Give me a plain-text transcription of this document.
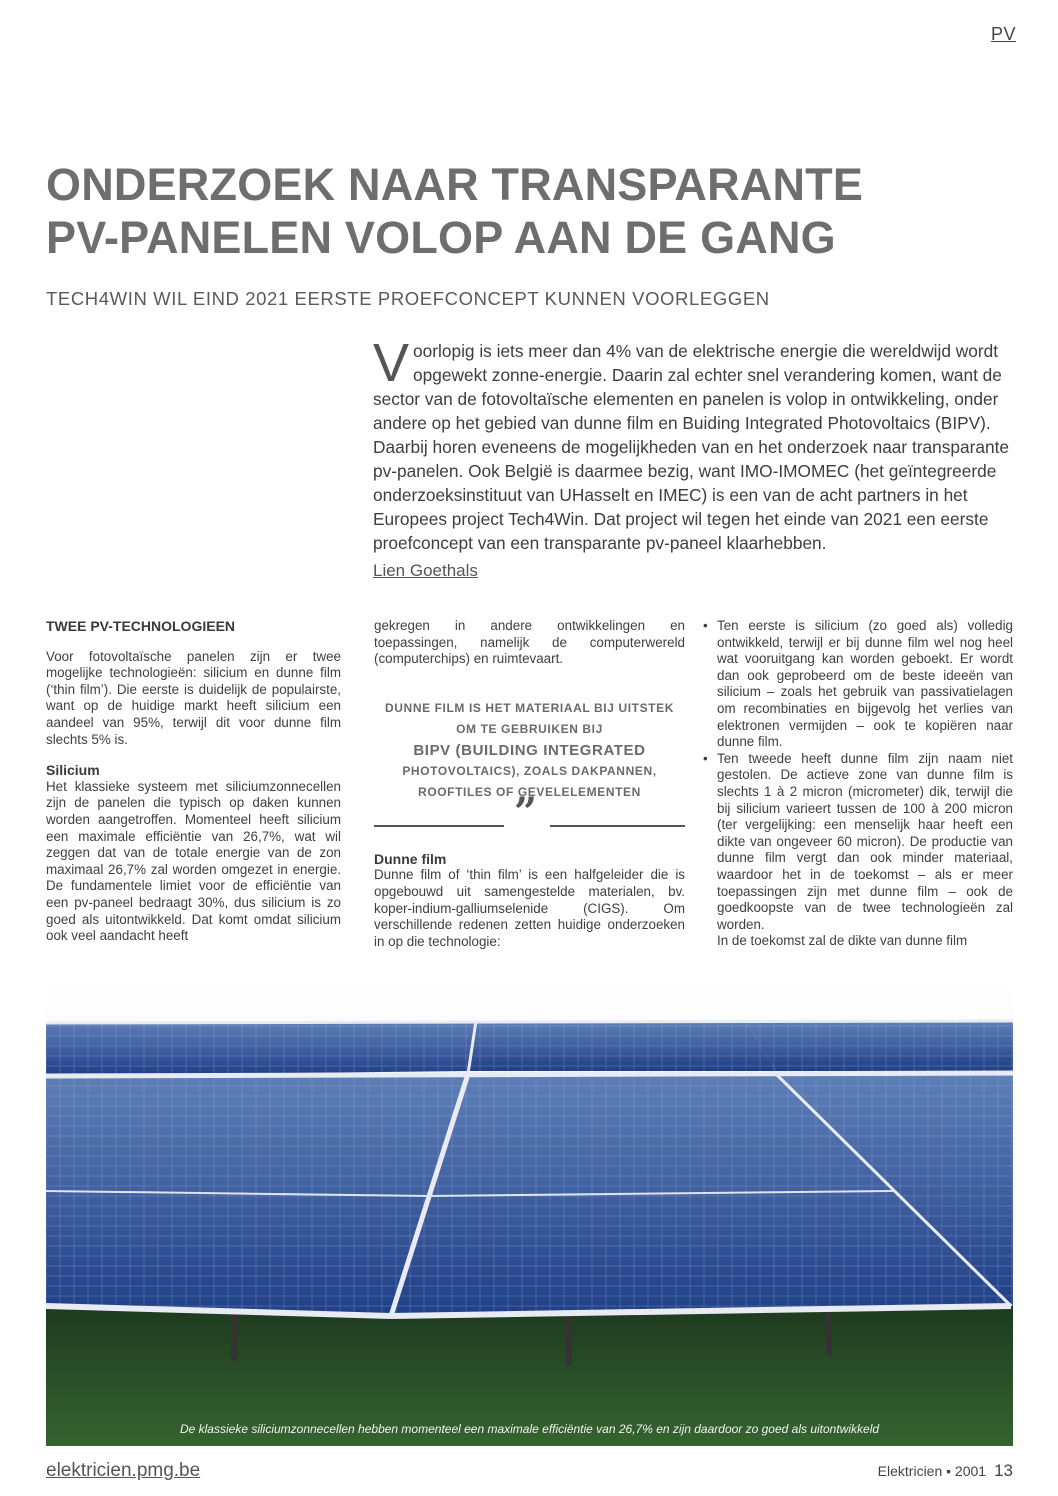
PV
ONDERZOEK NAAR TRANSPARANTE
PV-PANELEN VOLOP AAN DE GANG
TECH4WIN WIL EIND 2021 EERSTE PROEFCONCEPT KUNNEN VOORLEGGEN
V oorlopig is iets meer dan 4% van de elektrische energie die wereldwijd wordt opgewekt zonne-energie. Daarin zal echter snel verandering komen, want de sector van de fotovoltaïsche elementen en panelen is volop in ontwikkeling, onder andere op het gebied van dunne film en Buiding Integrated Photovoltaics (BIPV). Daarbij horen eveneens de mogelijkheden van en het onderzoek naar transparante pv-panelen. Ook België is daarmee bezig, want IMO-IMOMEC (het geïntegreerde onderzoeksinstituut van UHasselt en IMEC) is een van de acht partners in het Europees project Tech4Win. Dat project wil tegen het einde van 2021 een eerste proefconcept van een transparante pv-paneel klaarhebben.
Lien Goethals
TWEE PV-TECHNOLOGIEEN

Voor fotovoltaïsche panelen zijn er twee mogelijke technologieën: silicium en dunne film (‘thin film’). Die eerste is duidelijk de populairste, want op de huidige markt heeft silicium een aandeel van 95%, terwijl dit voor dunne film slechts 5% is.

Silicium

Het klassieke systeem met siliciumzonnecellen zijn de panelen die typisch op daken kunnen worden aangetroffen. Momenteel heeft silicium een maximale efficiëntie van 26,7%, wat wil zeggen dat van de totale energie van de zon maximaal 26,7% zal worden omgezet in energie. De fundamentele limiet voor de efficiëntie van een pv-paneel bedraagt 30%, dus silicium is zo goed als uitontwikkeld. Dat komt omdat silicium ook veel aandacht heeft

gekregen in andere ontwikkelingen en toepassingen, namelijk de computerwereld (computerchips) en ruimtevaart.

DUNNE FILM IS HET MATERIAAL BIJ UITSTEK OM TE GEBRUIKEN BIJ
BIPV (BUILDING INTEGRATED
PHOTOVOLTAICS), ZOALS DAKPANNEN, ROOFTILES OF GEVELELEMENTEN
”
Dunne film

Dunne film of ‘thin film’ is een halfgeleider die is opgebouwd uit samengestelde materialen, bv. koper-indium-galliumselenide (CIGS). Om verschillende redenen zetten huidige onderzoeken in op die technologie:

• Ten eerste is silicium (zo goed als) volledig ontwikkeld, terwijl er bij dunne film wel nog heel wat vooruitgang kan worden geboekt. Er wordt dan ook geprobeerd om de beste ideeën van silicium – zoals het gebruik van passivatielagen om recombinaties en bijgevolg het verlies van elektronen vermijden – ook te kopiëren naar dunne film.
• Ten tweede heeft dunne film zijn naam niet gestolen. De actieve zone van dunne film is slechts 1 à 2 micron (micrometer) dik, terwijl die bij silicium varieert tussen de 100 à 200 micron (ter vergelijking: een menselijk haar heeft een dikte van ongeveer 60 micron). De productie van dunne film vergt dan ook minder materiaal, waardoor het in de toekomst – als er meer toepassingen zijn met dunne film – ook de goedkoopste van de twee technologieën zal worden.
In de toekomst zal de dikte van dunne film
De klassieke siliciumzonnecellen hebben momenteel een maximale efficiëntie van 26,7% en zijn daardoor zo goed als uitontwikkeld
elektricien.pmg.be	Elektricien • 2001 13
